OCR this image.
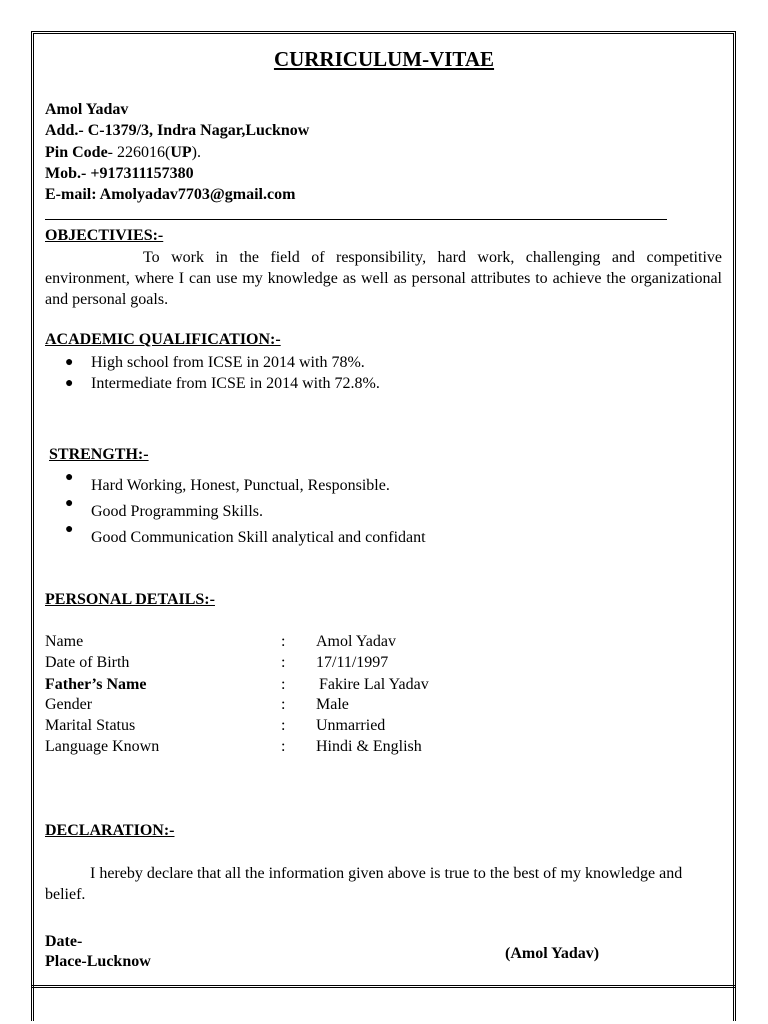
CURRICULUM-VITAE
Amol Yadav
Add.- C-1379/3, Indra Nagar,Lucknow
Pin Code- 226016(UP).
Mob.- +917311157380
E-mail: Amolyadav7703@gmail.com
OBJECTIVIES:-
To work in the field of responsibility, hard work, challenging and competitive environment, where I can use my knowledge as well as personal attributes to achieve the organizational and personal goals.
ACADEMIC QUALIFICATION:-
● High school from ICSE in 2014 with 78%.
● Intermediate from ICSE in 2014 with 72.8%.
STRENGTH:-
● Hard Working, Honest, Punctual, Responsible.
● Good Programming Skills.
● Good Communication Skill analytical and confidant
PERSONAL DETAILS:-
Name	: Amol Yadav
Date of Birth	: 17/11/1997
Father’s Name	: Fakire Lal Yadav
Gender	: Male
Marital Status	: Unmarried
Language Known	: Hindi & English
DECLARATION:-
I hereby declare that all the information given above is true to the best of my knowledge and belief.
Date-
Place-Lucknow	(Amol Yadav)
